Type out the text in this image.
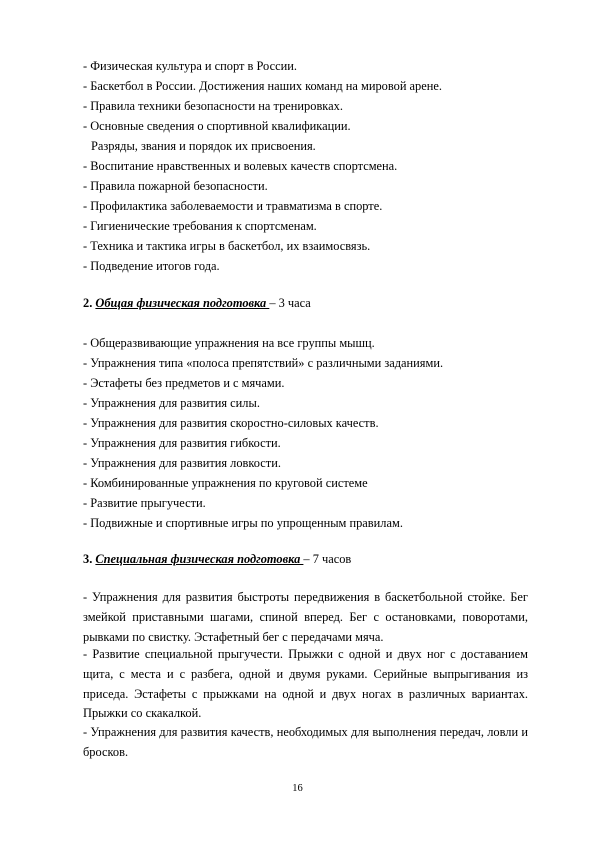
- Физическая культура и спорт в России.
- Баскетбол в России. Достижения наших команд на мировой арене.
- Правила техники безопасности на тренировках.
- Основные сведения о спортивной квалификации.
Разряды, звания и порядок их присвоения.
- Воспитание нравственных и волевых качеств спортсмена.
- Правила пожарной безопасности.
- Профилактика заболеваемости и травматизма в спорте.
- Гигиенические требования к спортсменам.
- Техника и тактика игры в баскетбол, их взаимосвязь.
- Подведение итогов года.
2. Общая физическая подготовка – 3 часа
- Общеразвивающие упражнения на все группы мышц.
- Упражнения типа «полоса препятствий» с различными заданиями.
- Эстафеты без предметов и с мячами.
- Упражнения для развития силы.
- Упражнения для развития скоростно-силовых качеств.
- Упражнения для развития гибкости.
- Упражнения для развития ловкости.
- Комбинированные упражнения по круговой системе
- Развитие прыгучести.
- Подвижные и спортивные игры по упрощенным правилам.
3. Специальная физическая подготовка – 7 часов
- Упражнения для развития быстроты передвижения в баскетбольной стойке. Бег змейкой приставными шагами, спиной вперед. Бег с остановками, поворотами, рывками по свистку. Эстафетный бег с передачами мяча.
- Развитие специальной прыгучести. Прыжки с одной и двух ног с доставанием щита, с места и с разбега, одной и двумя руками. Серийные выпрыгивания из приседа. Эстафеты с прыжками на одной и двух ногах в различных вариантах. Прыжки со скакалкой.
- Упражнения для развития качеств, необходимых для выполнения передач, ловли и бросков.
16
